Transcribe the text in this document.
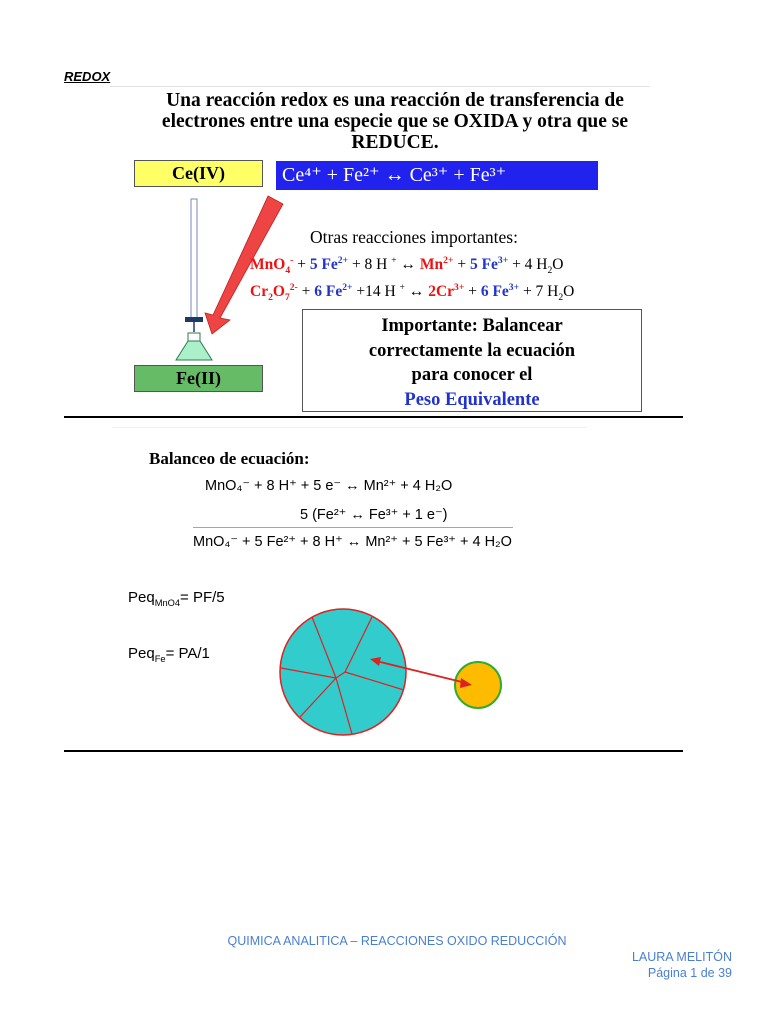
REDOX
Una reacción redox es una reacción de transferencia de
electrones entre una especie que se OXIDA y otra que se
REDUCE.
Ce(IV)
Fe(II)
Ce⁴⁺ + Fe²⁺ ↔ Ce³⁺ + Fe³⁺
Otras reacciones importantes:
MnO$_4$- + 5 $Fe^{2+} + 8$ H + ↔ $Mn^{2+} + 5$ $Fe^{3+} + 4$ $H_2O$
$Cr_2O_7^{2-} + 6$ $Fe^{2+} +14$ H + ↔ $2Cr^{3+} + 6$ $Fe^{3+} + 7$ $H_2O$
Importante: Balancear
correctamente la ecuación
para conocer el
Peso Equivalente
Balanceo de ecuación:
MnO₄⁻ + 8 H⁺ + 5 e⁻ ↔ Mn²⁺ + 4 H₂O
5 (Fe²⁺ ↔ Fe³⁺ + 1 e⁻)
MnO₄⁻ + 5 Fe²⁺ + 8 H⁺ ↔ Mn²⁺ + 5 Fe³⁺ + 4 H₂O
Peq$_{MnO4}$= PF/5
Peq$_{Fe}$= PA/1
QUIMICA ANALITICA – REACCIONES OXIDO REDUCCIÓN
LAURA MELITÓN
Página 1 de 39
